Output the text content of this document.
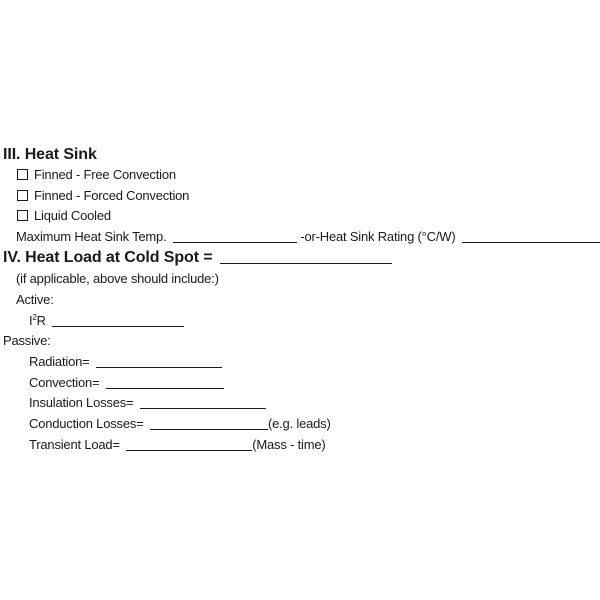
III. Heat Sink
Finned - Free Convection
Finned - Forced Convection
Liquid Cooled
Maximum Heat Sink Temp.	-or-Heat Sink Rating (°C/W)
IV. Heat Load at Cold Spot =
(if applicable, above should include:)
Active:
$I^2R$
Passive:
Radiation=
Convection=
Insulation Losses=
Conduction Losses=	(e.g. leads)
Transient Load=	(Mass - time)
